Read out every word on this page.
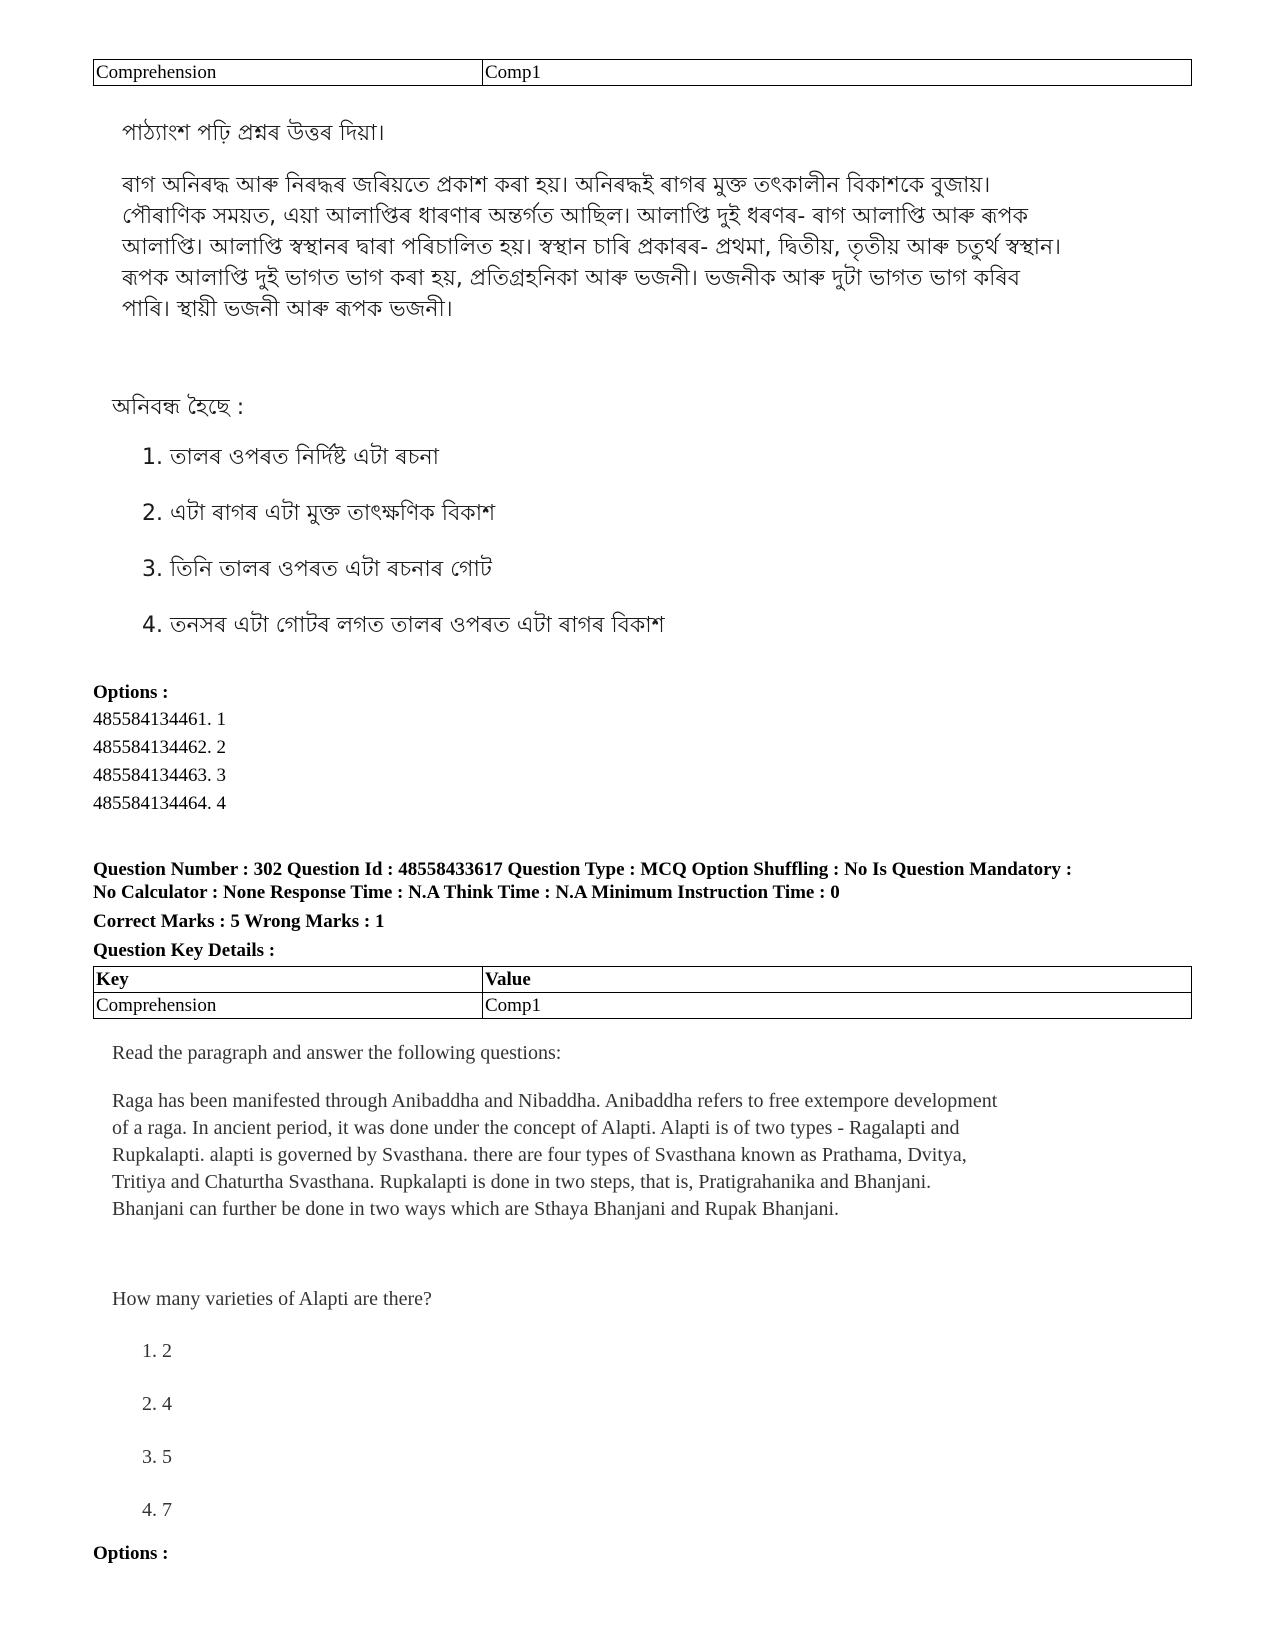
Comprehension	Comp1
পাঠ্যাংশ পঢ়ি প্ৰশ্নৰ উত্তৰ দিয়া।
ৰাগ অনিৰদ্ধ আৰু নিৰদ্ধৰ জৰিয়তে প্ৰকাশ কৰা হয়। অনিৰদ্ধই ৰাগৰ মুক্ত তৎকালীন বিকাশকে বুজায়।
পৌৰাণিক সময়ত, এয়া আলাপ্তিৰ ধাৰণাৰ অন্তৰ্গত আছিল। আলাপ্তি দুই ধৰণৰ- ৰাগ আলাপ্তি আৰু ৰূপক
আলাপ্তি। আলাপ্তি স্বস্থানৰ দ্বাৰা পৰিচালিত হয়। স্বস্থান চাৰি প্ৰকাৰৰ- প্ৰথমা, দ্বিতীয়, তৃতীয় আৰু চতুৰ্থ স্বস্থান।
ৰূপক আলাপ্তি দুই ভাগত ভাগ কৰা হয়, প্ৰতিগ্ৰহনিকা আৰু ভজনী। ভজনীক আৰু দুটা ভাগত ভাগ কৰিব
পাৰি। স্থায়ী ভজনী আৰু ৰূপক ভজনী।
অনিবন্ধ হৈছে :
1. তালৰ ওপৰত নিৰ্দিষ্ট এটা ৰচনা
2. এটা ৰাগৰ এটা মুক্ত তাৎক্ষণিক বিকাশ
3. তিনি তালৰ ওপৰত এটা ৰচনাৰ গোট
4. তনসৰ এটা গোটৰ লগত তালৰ ওপৰত এটা ৰাগৰ বিকাশ
Options :
485584134461. 1
485584134462. 2
485584134463. 3
485584134464. 4
Question Number : 302 Question Id : 48558433617 Question Type : MCQ Option Shuffling : No Is Question Mandatory :
No Calculator : None Response Time : N.A Think Time : N.A Minimum Instruction Time : 0
Correct Marks : 5 Wrong Marks : 1
Question Key Details :
Key	Value
Comprehension	Comp1
Read the paragraph and answer the following questions:

Raga has been manifested through Anibaddha and Nibaddha. Anibaddha refers to free extempore development

of a raga. In ancient period, it was done under the concept of Alapti. Alapti is of two types - Ragalapti and

Rupkalapti. alapti is governed by Svasthana. there are four types of Svasthana known as Prathama, Dvitya,

Tritiya and Chaturtha Svasthana. Rupkalapti is done in two steps, that is, Pratigrahanika and Bhanjani.

Bhanjani can further be done in two ways which are Sthaya Bhanjani and Rupak Bhanjani.

How many varieties of Alapti are there?
1. 2
2. 4
3. 5
4. 7
Options :
